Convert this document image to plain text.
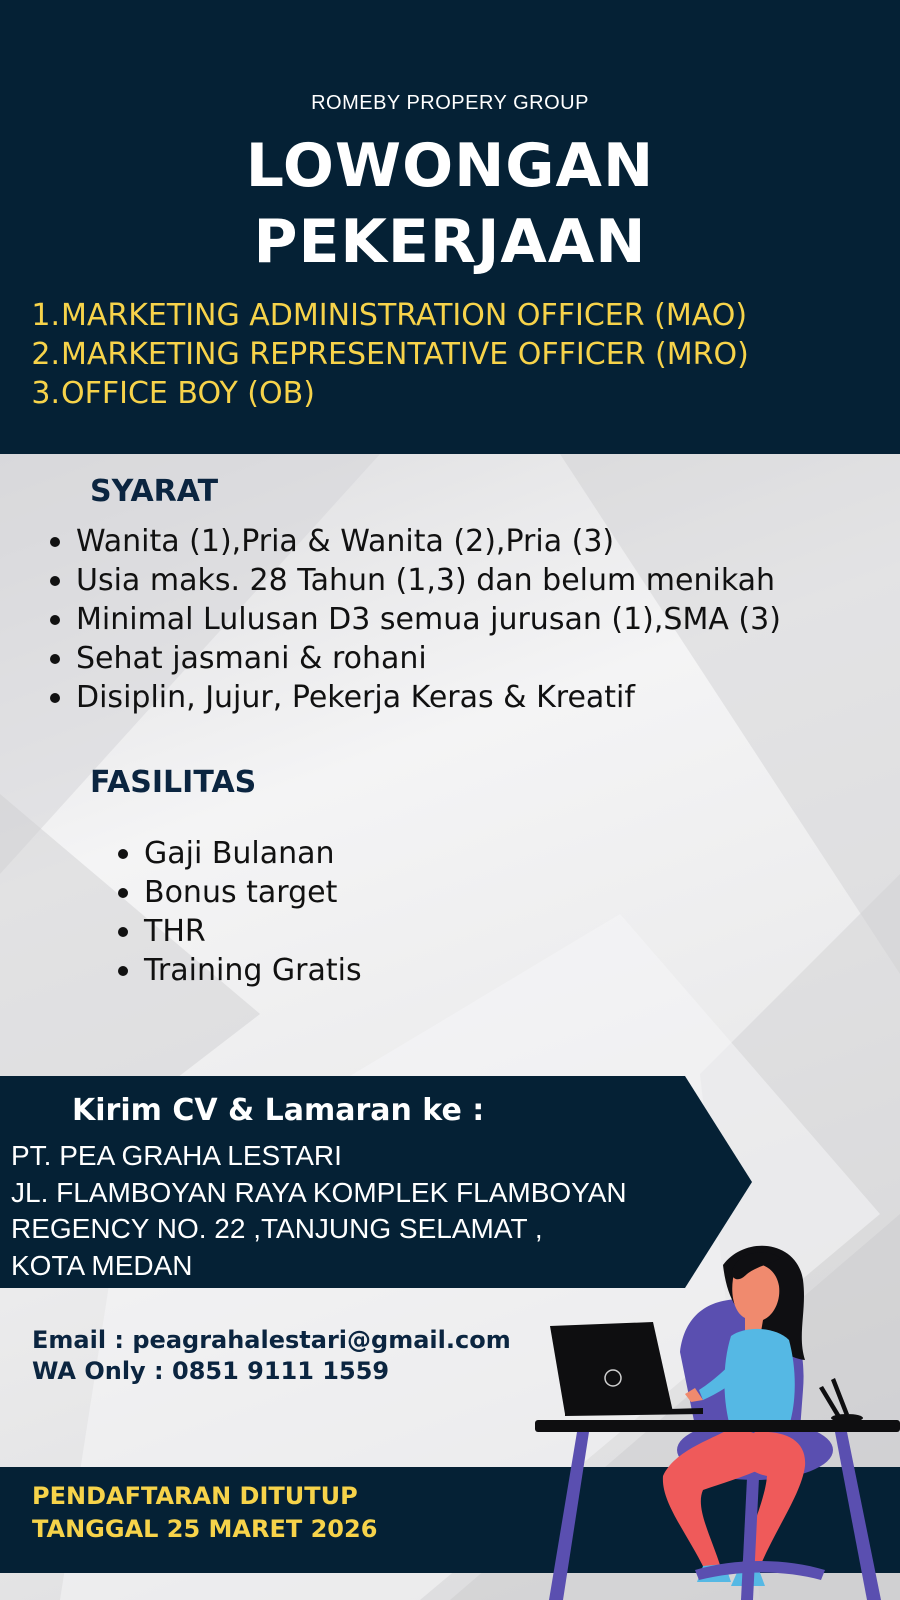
ROMEBY PROPERY GROUP
LOWONGAN
PEKERJAAN
1. MARKETING ADMINISTRATION OFFICER (MAO)
2. MARKETING REPRESENTATIVE OFFICER (MRO)
3. OFFICE BOY (OB)
SYARAT
Wanita (1),Pria & Wanita (2),Pria (3)
Usia maks. 28 Tahun (1,3) dan belum menikah
Minimal Lulusan D3 semua jurusan (1),SMA (3)
Sehat jasmani & rohani
Disiplin, Jujur, Pekerja Keras & Kreatif
FASILITAS
Gaji Bulanan
Bonus target
THR
Training Gratis
Kirim CV & Lamaran ke :
PT. PEA GRAHA LESTARI
JL. FLAMBOYAN RAYA KOMPLEK FLAMBOYAN
REGENCY NO. 22 ,TANJUNG SELAMAT ,
KOTA MEDAN
Email : peagrahalestari@gmail.com
WA Only : 0851 9111 1559
PENDAFTARAN DITUTUP
TANGGAL 25 MARET 2026
